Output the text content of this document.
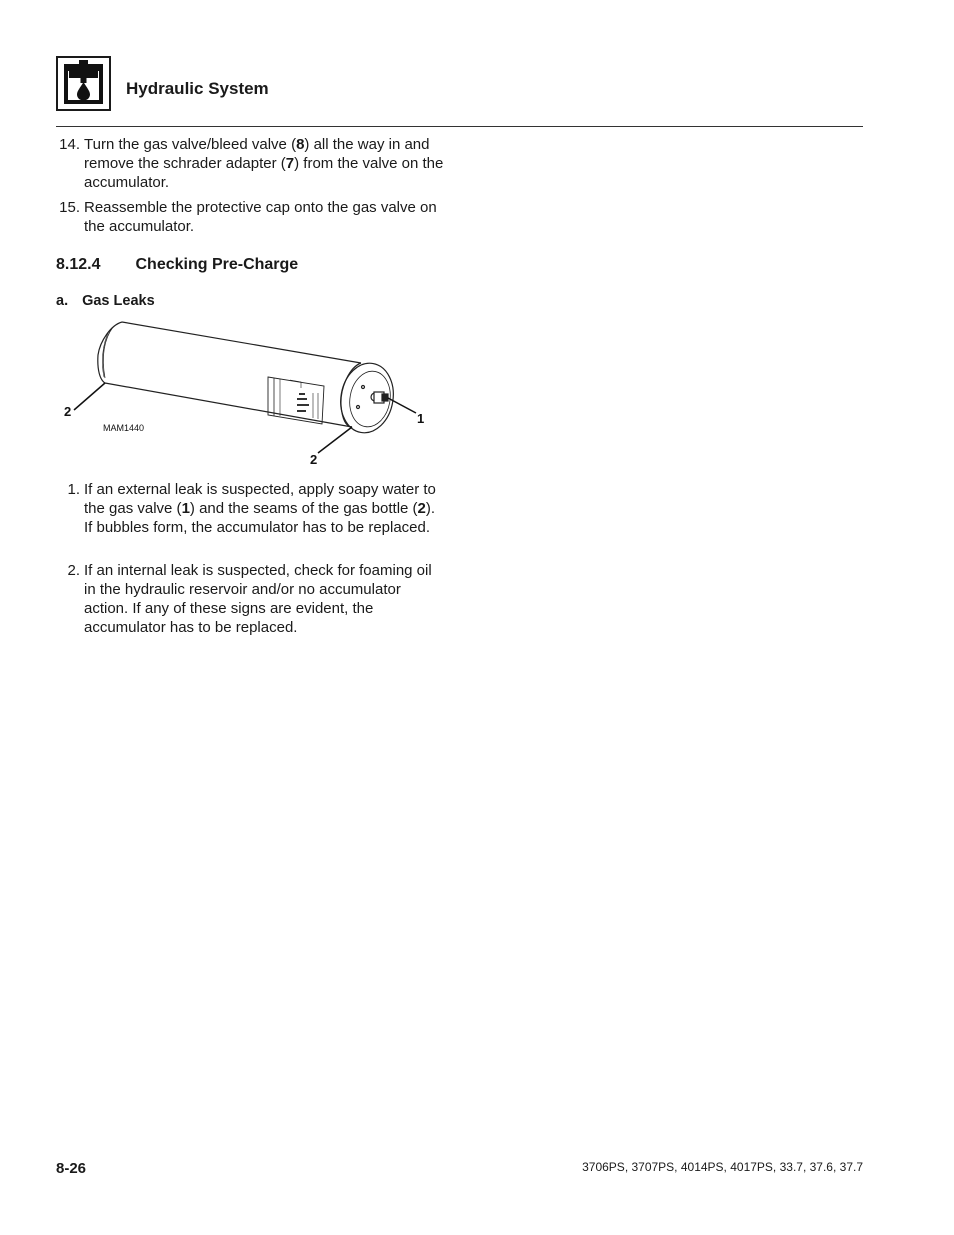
Hydraulic System
14. Turn the gas valve/bleed valve (8) all the way in and remove the schrader adapter (7) from the valve on the accumulator.
15. Reassemble the protective cap onto the gas valve on the accumulator.
8.12.4 Checking Pre-Charge
a. Gas Leaks
1. If an external leak is suspected, apply soapy water to the gas valve (1) and the seams of the gas bottle (2). If bubbles form, the accumulator has to be replaced.
2. If an internal leak is suspected, check for foaming oil in the hydraulic reservoir and/or no accumulator action. If any of these signs are evident, the accumulator has to be replaced.
2	1
2
MAM1440
8-26	3706PS, 3707PS, 4014PS, 4017PS, 33.7, 37.6, 37.7
